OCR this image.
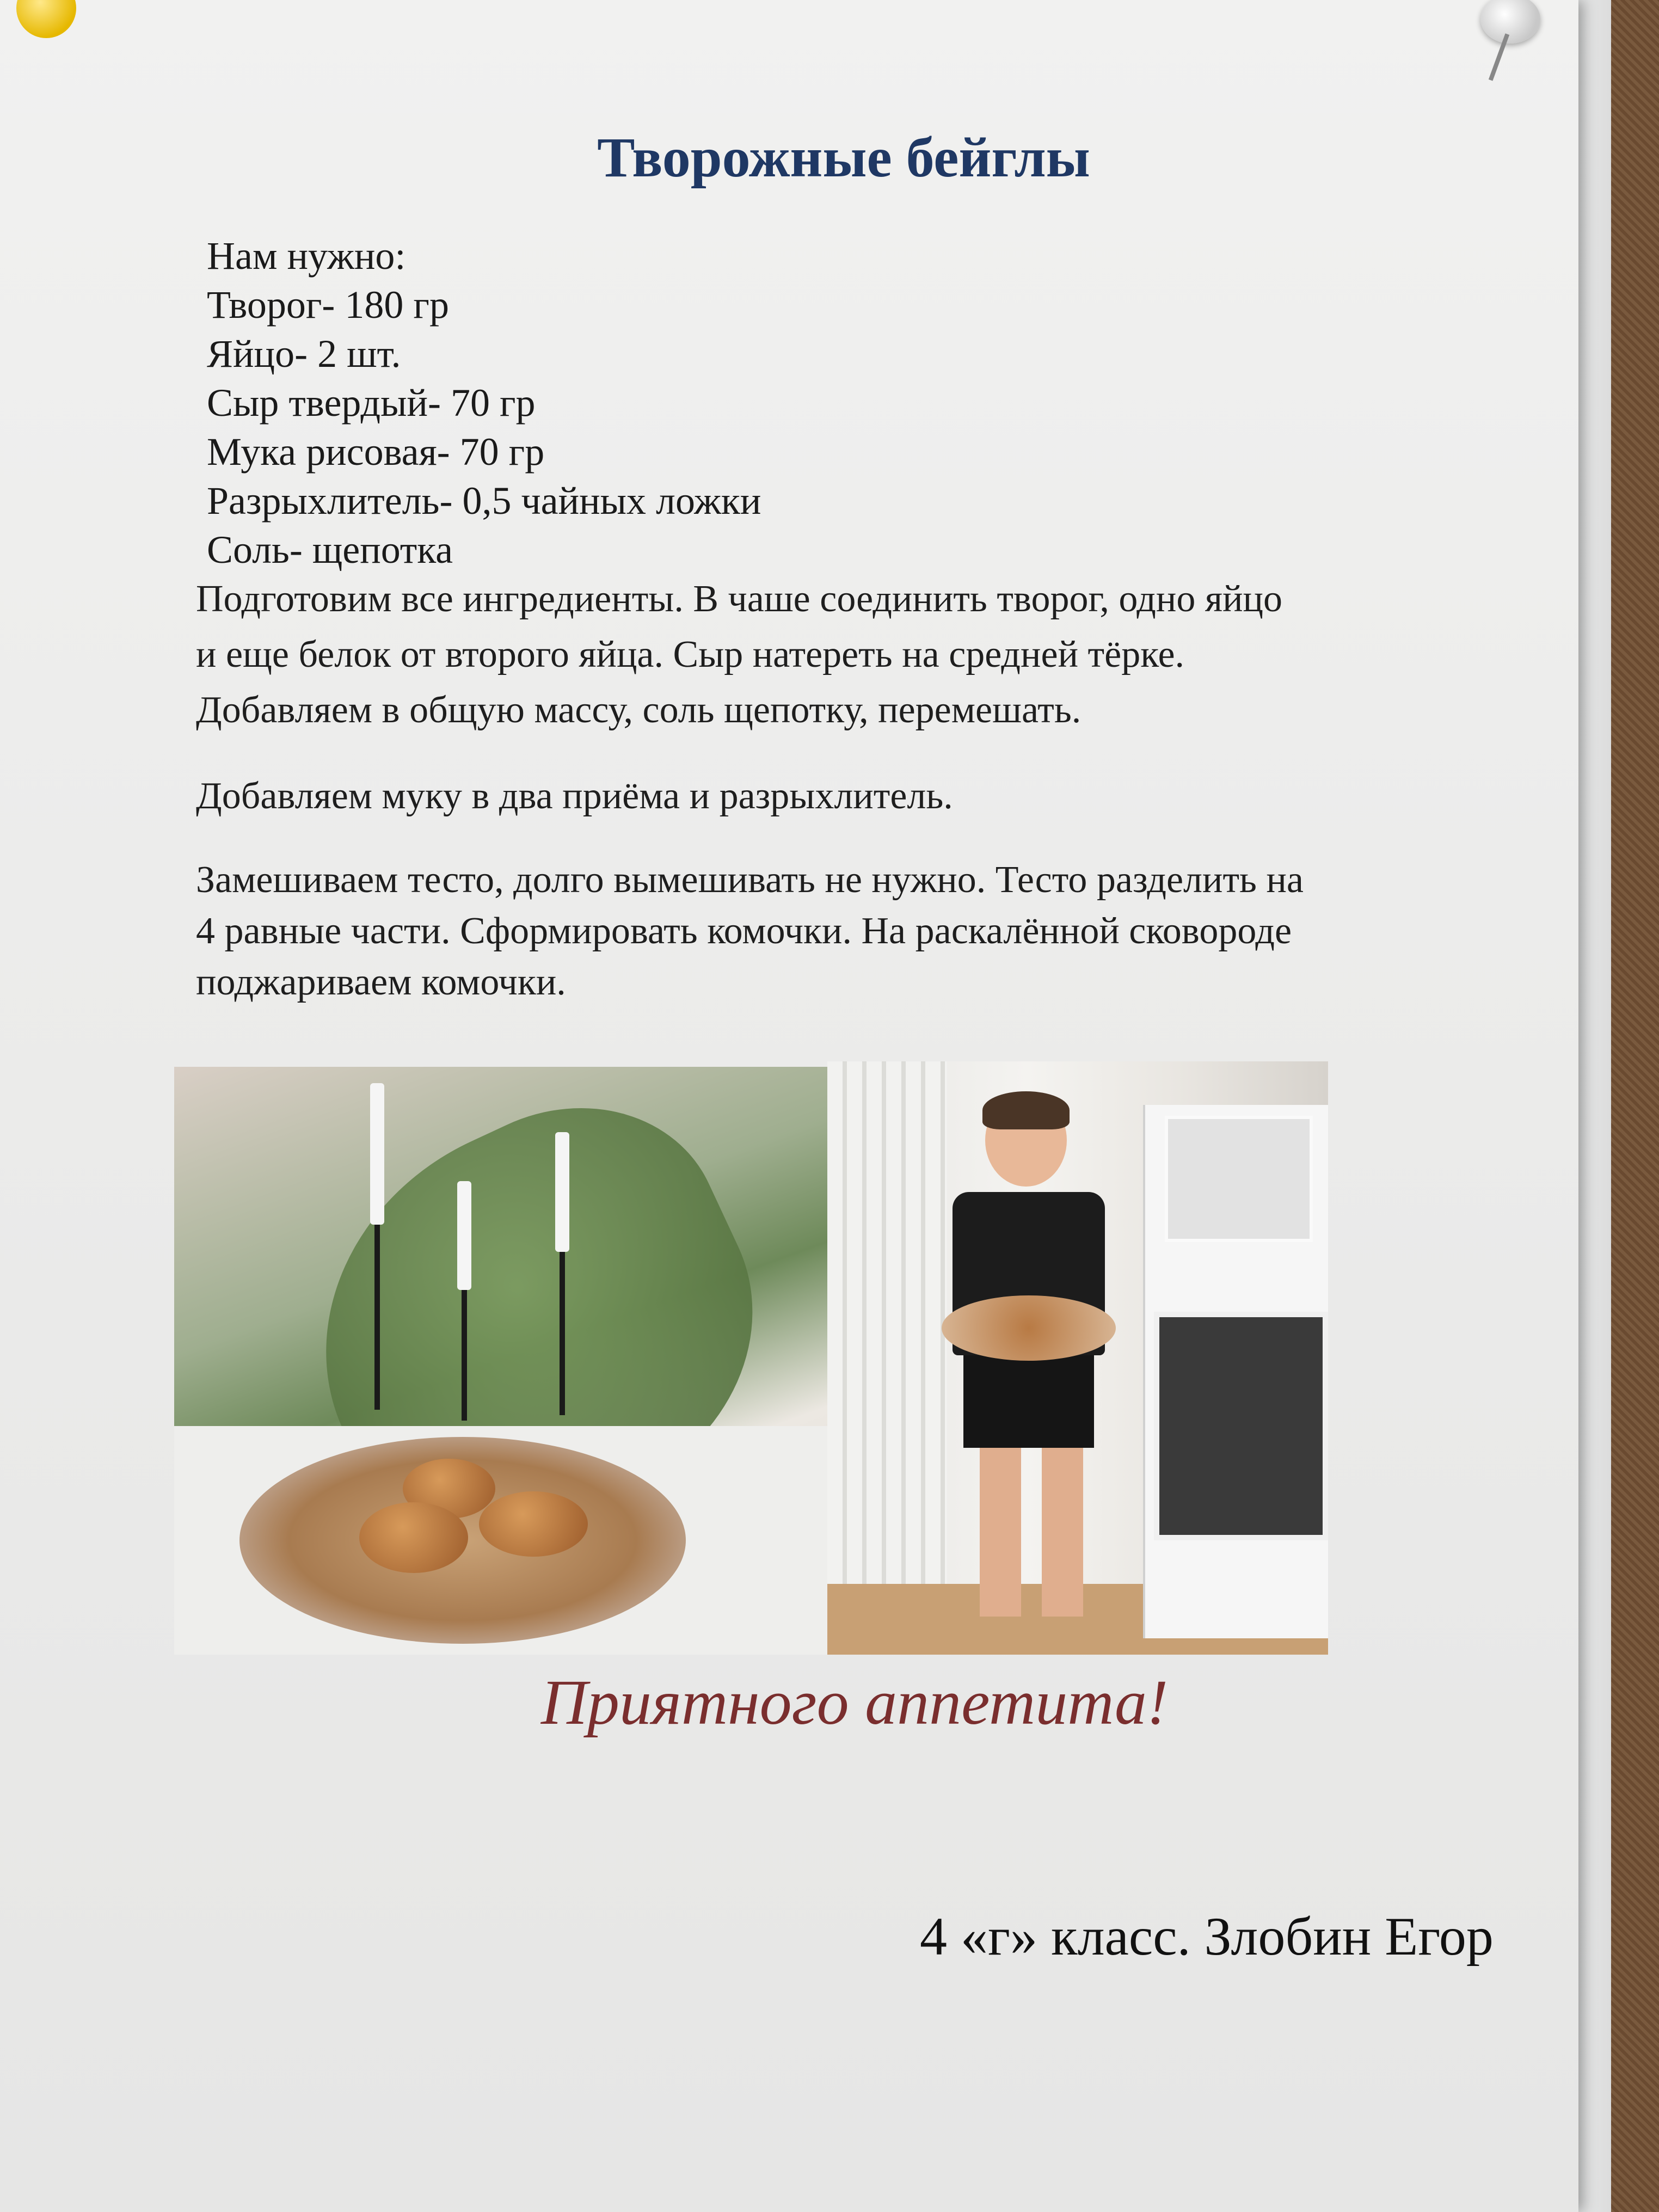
Творожные бейглы
Нам нужно:
Творог- 180 гр
Яйцо- 2 шт.
Сыр твердый- 70 гр
Мука рисовая- 70 гр
Разрыхлитель- 0,5 чайных ложки
Соль- щепотка
Подготовим все ингредиенты. В чаше соединить творог, одно яйцо
и еще белок от второго яйца. Сыр натереть на средней тёрке.
Добавляем в общую массу, соль щепотку, перемешать.
Добавляем муку в два приёма и разрыхлитель.
Замешиваем тесто, долго вымешивать не нужно. Тесто разделить на
4 равные части. Сформировать комочки. На раскалённой сковороде
поджариваем комочки.
Приятного аппетита!
4 «г» класс. Злобин Егор
